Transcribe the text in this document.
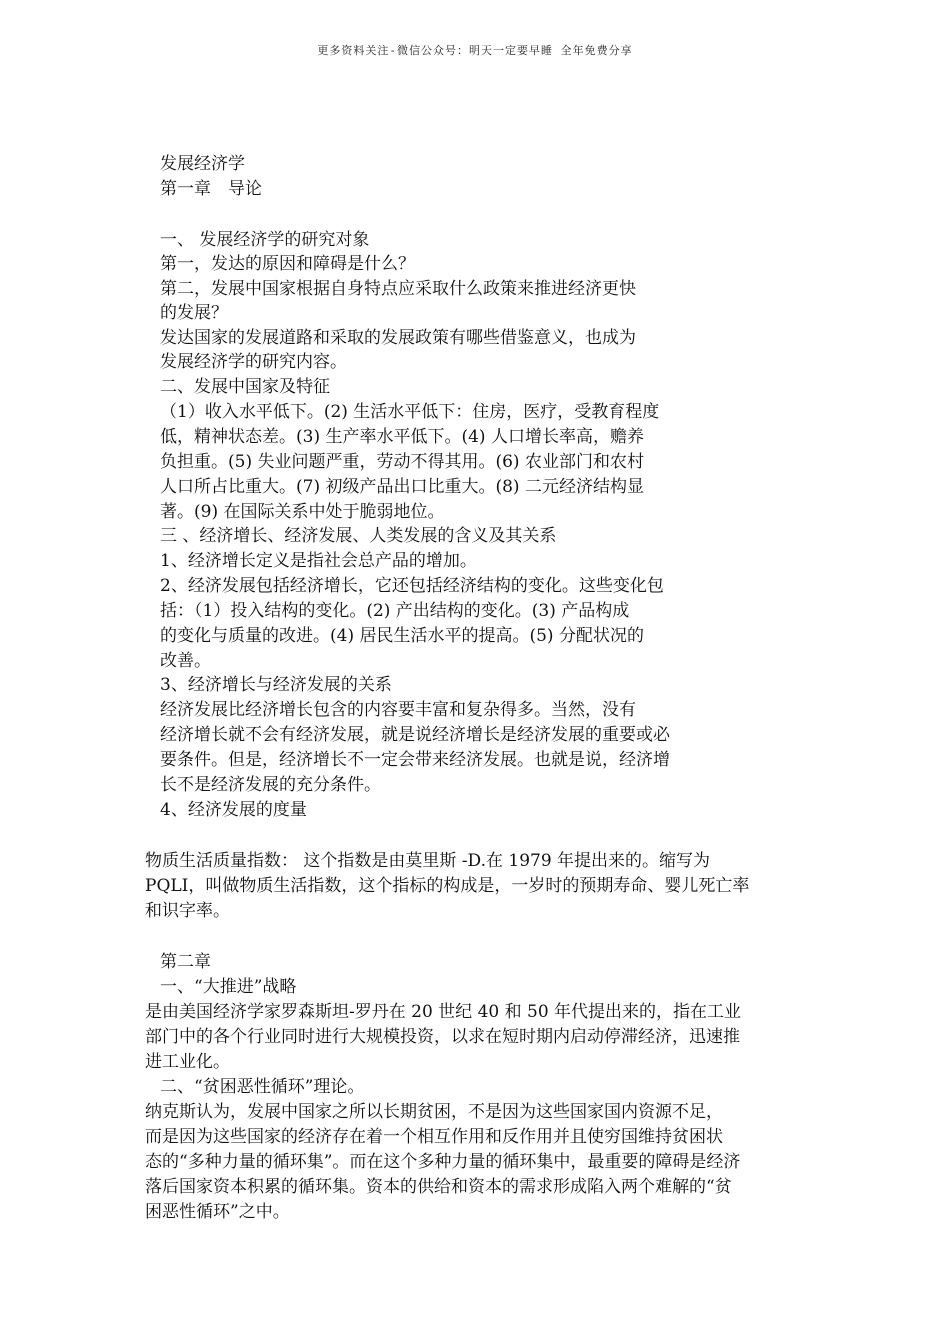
更多资料关注-微信公众号：明天一定要早睡 全年免费分享
发展经济学
第一章　导论
一、 发展经济学的研究对象
第一，发达的原因和障碍是什么？
第二，发展中国家根据自身特点应采取什么政策来推进经济更快
的发展？
发达国家的发展道路和采取的发展政策有哪些借鉴意义，也成为
发展经济学的研究内容。
二、发展中国家及特征
（1）收入水平低下。(2) 生活水平低下：住房，医疗，受教育程度
低，精神状态差。(3) 生产率水平低下。(4) 人口增长率高，赡养
负担重。(5) 失业问题严重，劳动不得其用。(6) 农业部门和农村
人口所占比重大。(7) 初级产品出口比重大。(8) 二元经济结构显
著。(9) 在国际关系中处于脆弱地位。
三 、经济增长、经济发展、人类发展的含义及其关系
1、经济增长定义是指社会总产品的增加。
2、经济发展包括经济增长，它还包括经济结构的变化。这些变化包
括：（1）投入结构的变化。(2) 产出结构的变化。(3) 产品构成
的变化与质量的改进。(4) 居民生活水平的提高。(5) 分配状况的
改善。
3、经济增长与经济发展的关系
经济发展比经济增长包含的内容要丰富和复杂得多。当然，没有
经济增长就不会有经济发展，就是说经济增长是经济发展的重要或必
要条件。但是，经济增长不一定会带来经济发展。也就是说，经济增
长不是经济发展的充分条件。
4、经济发展的度量
物质生活质量指数： 这个指数是由莫里斯 -D.在 1979 年提出来的。缩写为
PQLI，叫做物质生活指数，这个指标的构成是，一岁时的预期寿命、婴儿死亡率
和识字率。
第二章
一、“大推进”战略
是由美国经济学家罗森斯坦-罗丹在 20 世纪 40 和 50 年代提出来的，指在工业
部门中的各个行业同时进行大规模投资，以求在短时期内启动停滞经济，迅速推
进工业化。
二、“贫困恶性循环”理论。
纳克斯认为，发展中国家之所以长期贫困，不是因为这些国家国内资源不足，
而是因为这些国家的经济存在着一个相互作用和反作用并且使穷国维持贫困状
态的“多种力量的循环集”。而在这个多种力量的循环集中，最重要的障碍是经济
落后国家资本积累的循环集。资本的供给和资本的需求形成陷入两个难解的“贫
困恶性循环”之中。
